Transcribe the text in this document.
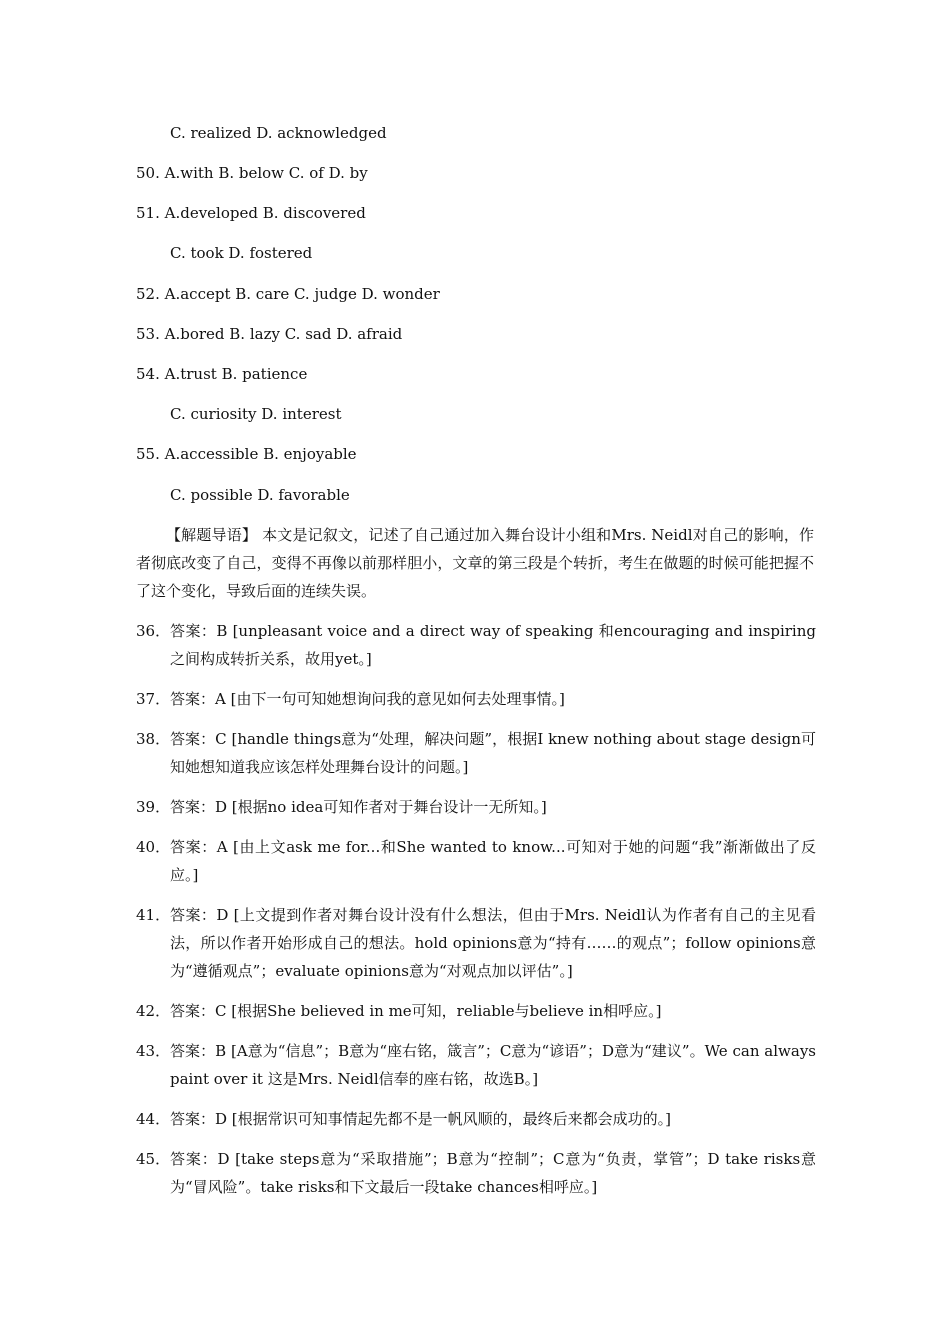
C. realized D. acknowledged
50. A.with B. below C. of D. by
51. A.developed B. discovered
C. took D. fostered
52. A.accept B. care C. judge D. wonder
53. A.bored B. lazy C. sad D. afraid
54. A.trust B. patience
C. curiosity D. interest
55. A.accessible B. enjoyable
C. possible D. favorable
【解题导语】 本文是记叙文，记述了自己通过加入舞台设计小组和Mrs. Neidl对自己的影响，作者彻底改变了自己，变得不再像以前那样胆小，文章的第三段是个转折，考生在做题的时候可能把握不了这个变化，导致后面的连续失误。
36． 答案：B [unpleasant voice and a direct way of speaking 和encouraging and inspiring之间构成转折关系，故用yet。]
37． 答案：A [由下一句可知她想询问我的意见如何去处理事情。]
38． 答案：C [handle things意为“处理，解决问题”，根据I knew nothing about stage design可知她想知道我应该怎样处理舞台设计的问题。]
39． 答案：D [根据no idea可知作者对于舞台设计一无所知。]
40． 答案：A [由上文ask me for...和She wanted to know...可知对于她的问题“我”渐渐做出了反应。]
41． 答案：D [上文提到作者对舞台设计没有什么想法，但由于Mrs. Neidl认为作者有自己的主见看法，所以作者开始形成自己的想法。hold opinions意为“持有……的观点”；follow opinions意为“遵循观点”；evaluate opinions意为“对观点加以评估”。]
42． 答案：C [根据She believed in me可知，reliable与believe in相呼应。]
43． 答案：B [A意为“信息”；B意为“座右铭，箴言”；C意为“谚语”；D意为“建议”。We can always paint over it 这是Mrs. Neidl信奉的座右铭，故选B。]
44． 答案：D [根据常识可知事情起先都不是一帆风顺的，最终后来都会成功的。]
45． 答案：D [take steps意为“采取措施”；B意为“控制”；C意为“负责，掌管”；D take risks意为“冒风险”。take risks和下文最后一段take chances相呼应。]
